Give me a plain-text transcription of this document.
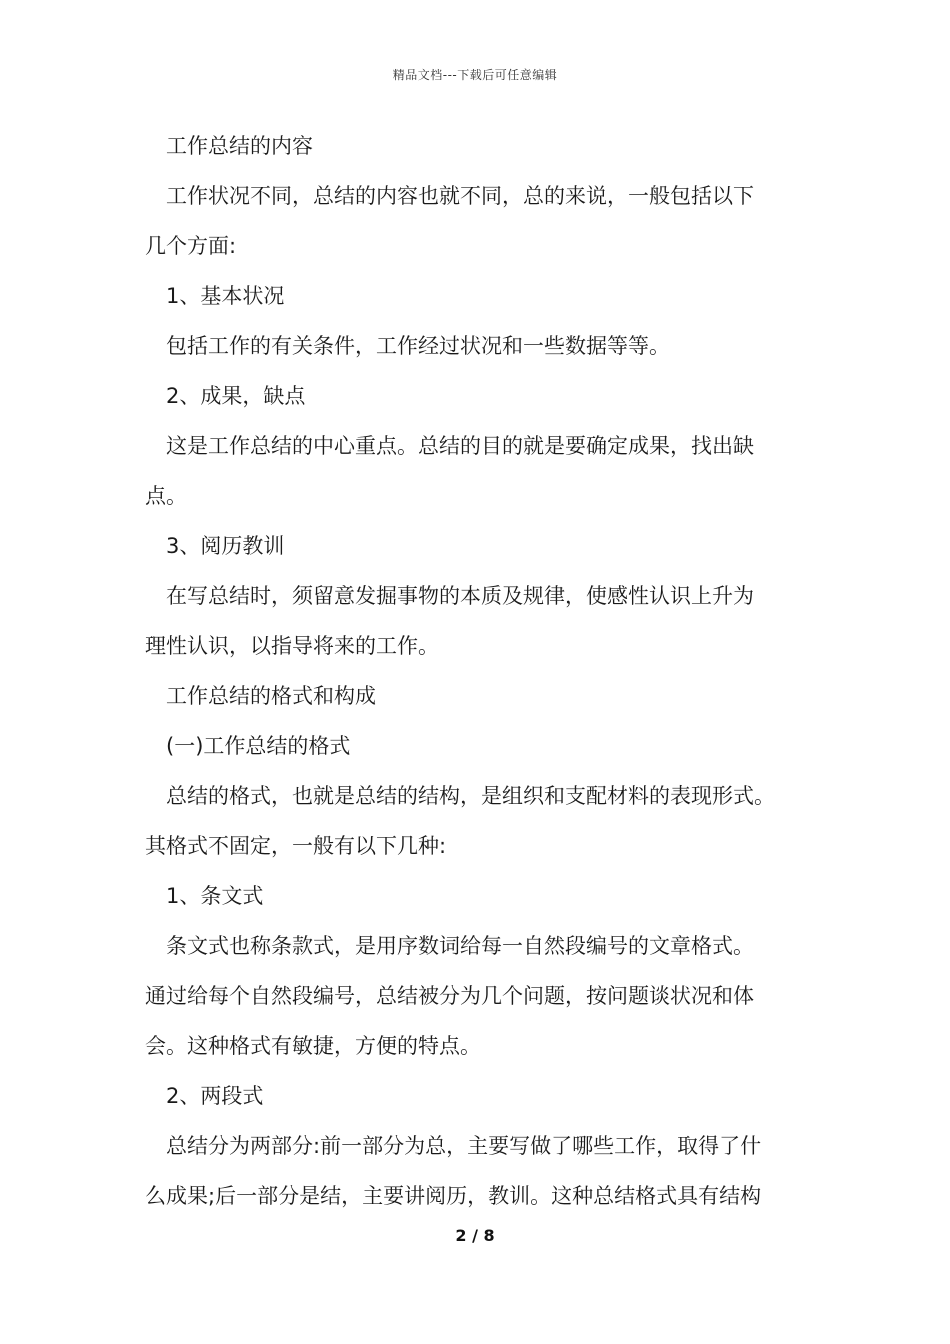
精品文档---下载后可任意编辑
工作总结的内容
工作状况不同，总结的内容也就不同，总的来说，一般包括以下
几个方面:
1、基本状况
包括工作的有关条件，工作经过状况和一些数据等等。
2、成果，缺点
这是工作总结的中心重点。总结的目的就是要确定成果，找出缺
点。
3、阅历教训
在写总结时，须留意发掘事物的本质及规律，使感性认识上升为
理性认识，以指导将来的工作。
工作总结的格式和构成
(一)工作总结的格式
总结的格式，也就是总结的结构，是组织和支配材料的表现形式。
其格式不固定，一般有以下几种:
1、条文式
条文式也称条款式，是用序数词给每一自然段编号的文章格式。
通过给每个自然段编号，总结被分为几个问题，按问题谈状况和体
会。这种格式有敏捷，方便的特点。
2、两段式
总结分为两部分:前一部分为总，主要写做了哪些工作，取得了什
么成果;后一部分是结，主要讲阅历，教训。这种总结格式具有结构
2 / 8
